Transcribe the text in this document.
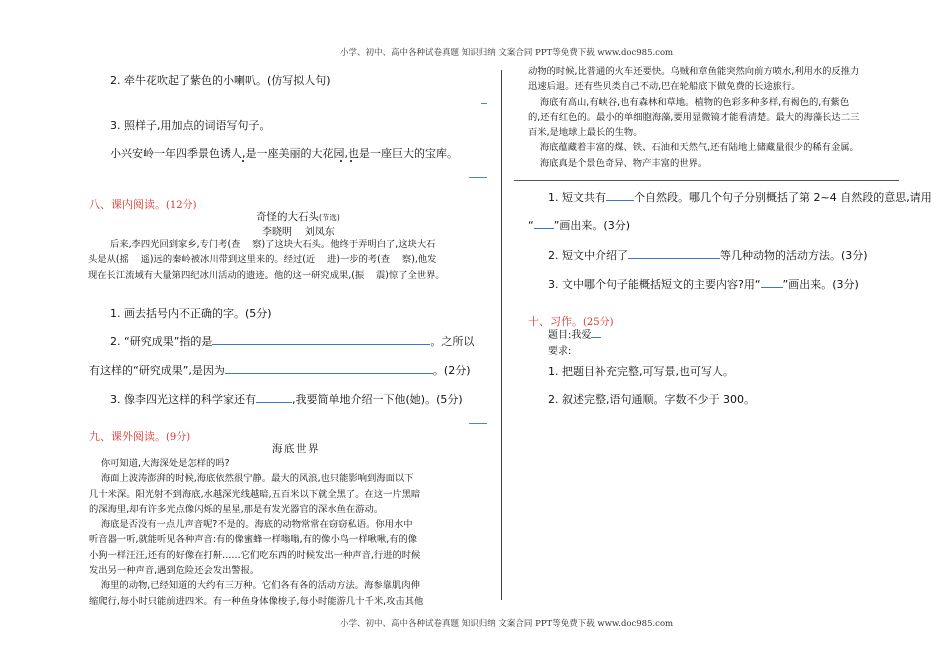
小学、初中、高中各种试卷真题 知识归纳 文案合同 PPT等免费下载 www.doc985.com
小学、初中、高中各种试卷真题 知识归纳 文案合同 PPT等免费下载 www.doc985.com
2. 牵牛花吹起了紫色的小喇叭。(仿写拟人句)
3. 照样子,用加点的词语写句子。
小兴安岭一年四季景色诱人,是一座美丽的大花园,也是一座巨大的宝库。
八、课内阅读。(12分)
奇怪的大石头(节选)
李晓明    刘凤东

后来,李四光回到家乡,专门考(查    察)了这块大石头。他终于弄明白了,这块大石

头是从(摇    遥)远的秦岭被冰川带到这里来的。经过(近    进)一步的考(查    察),他发

现在长江流域有大量第四纪冰川活动的遗迹。他的这一研究成果,(振    震)惊了全世界。

1. 画去括号内不正确的字。(5分)
2. “研究成果”指的是	。之所以
有这样的“研究成果”,是因为	。(2分)
3. 像李四光这样的科学家还有	,我要简单地介绍一下他(她)。(5分)
九、课外阅读。(9分)
海底世界

你可知道,大海深处是怎样的吗?

海面上波涛澎湃的时候,海底依然很宁静。最大的风浪,也只能影响到海面以下

几十米深。阳光射不到海底,水越深光线越暗,五百米以下就全黑了。在这一片黑暗

的深海里,却有许多光点像闪烁的星星,那是有发光器官的深水鱼在游动。

海底是否没有一点儿声音呢?不是的。海底的动物常常在窃窃私语。你用水中

听音器一听,就能听见各种声音:有的像蜜蜂一样嗡嗡,有的像小鸟一样啾啾,有的像

小狗一样汪汪,还有的好像在打鼾……它们吃东西的时候发出一种声音,行进的时候

发出另一种声音,遇到危险还会发出警报。

海里的动物,已经知道的大约有三万种。它们各有各的活动方法。海参靠肌肉伸

缩爬行,每小时只能前进四米。有一种鱼身体像梭子,每小时能游几十千米,攻击其他

动物的时候,比普通的火车还要快。乌贼和章鱼能突然向前方喷水,利用水的反推力

迅速后退。还有些贝类自己不动,巴在轮船底下做免费的长途旅行。

海底有高山,有峡谷,也有森林和草地。植物的色彩多种多样,有褐色的,有紫色

的,还有红色的。最小的单细胞海藻,要用显微镜才能看清楚。最大的海藻长达二三

百米,是地球上最长的生物。

海底蕴藏着丰富的煤、铁、石油和天然气,还有陆地上储藏量很少的稀有金属。

海底真是个景色奇异、物产丰富的世界。

1. 短文共有	个自然段。哪几个句子分别概括了第 2~4 自然段的意思,请用
“ ”画出来。(3分)
2. 短文中介绍了	等几种动物的活动方法。(3分)
3. 文中哪个句子能概括短文的主要内容?用“ ”画出来。(3分)
十、习作。(25分)
题目:我爱
要求:
1. 把题目补充完整,可写景,也可写人。
2. 叙述完整,语句通顺。字数不少于 300。
